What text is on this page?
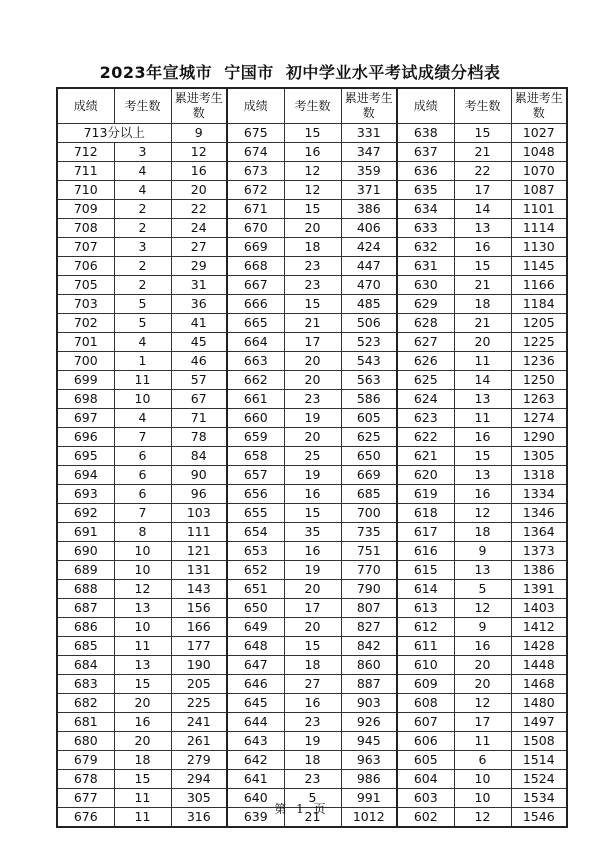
2023年宣城市 宁国市 初中学业水平考试成绩分档表
成绩	考生数	累进考生数	成绩	考生数	累进考生数	成绩	考生数	累进考生数
713分以上		9	675	15	331	638	15	1027
712	3	12	674	16	347	637	21	1048
711	4	16	673	12	359	636	22	1070
710	4	20	672	12	371	635	17	1087
709	2	22	671	15	386	634	14	1101
708	2	24	670	20	406	633	13	1114
707	3	27	669	18	424	632	16	1130
706	2	29	668	23	447	631	15	1145
705	2	31	667	23	470	630	21	1166
703	5	36	666	15	485	629	18	1184
702	5	41	665	21	506	628	21	1205
701	4	45	664	17	523	627	20	1225
700	1	46	663	20	543	626	11	1236
699	11	57	662	20	563	625	14	1250
698	10	67	661	23	586	624	13	1263
697	4	71	660	19	605	623	11	1274
696	7	78	659	20	625	622	16	1290
695	6	84	658	25	650	621	15	1305
694	6	90	657	19	669	620	13	1318
693	6	96	656	16	685	619	16	1334
692	7	103	655	15	700	618	12	1346
691	8	111	654	35	735	617	18	1364
690	10	121	653	16	751	616	9	1373
689	10	131	652	19	770	615	13	1386
688	12	143	651	20	790	614	5	1391
687	13	156	650	17	807	613	12	1403
686	10	166	649	20	827	612	9	1412
685	11	177	648	15	842	611	16	1428
684	13	190	647	18	860	610	20	1448
683	15	205	646	27	887	609	20	1468
682	20	225	645	16	903	608	12	1480
681	16	241	644	23	926	607	17	1497
680	20	261	643	19	945	606	11	1508
679	18	279	642	18	963	605	6	1514
678	15	294	641	23	986	604	10	1524
677	11	305	640	5	991	603	10	1534
676	11	316	639	21	1012	602	12	1546
第 1 页
